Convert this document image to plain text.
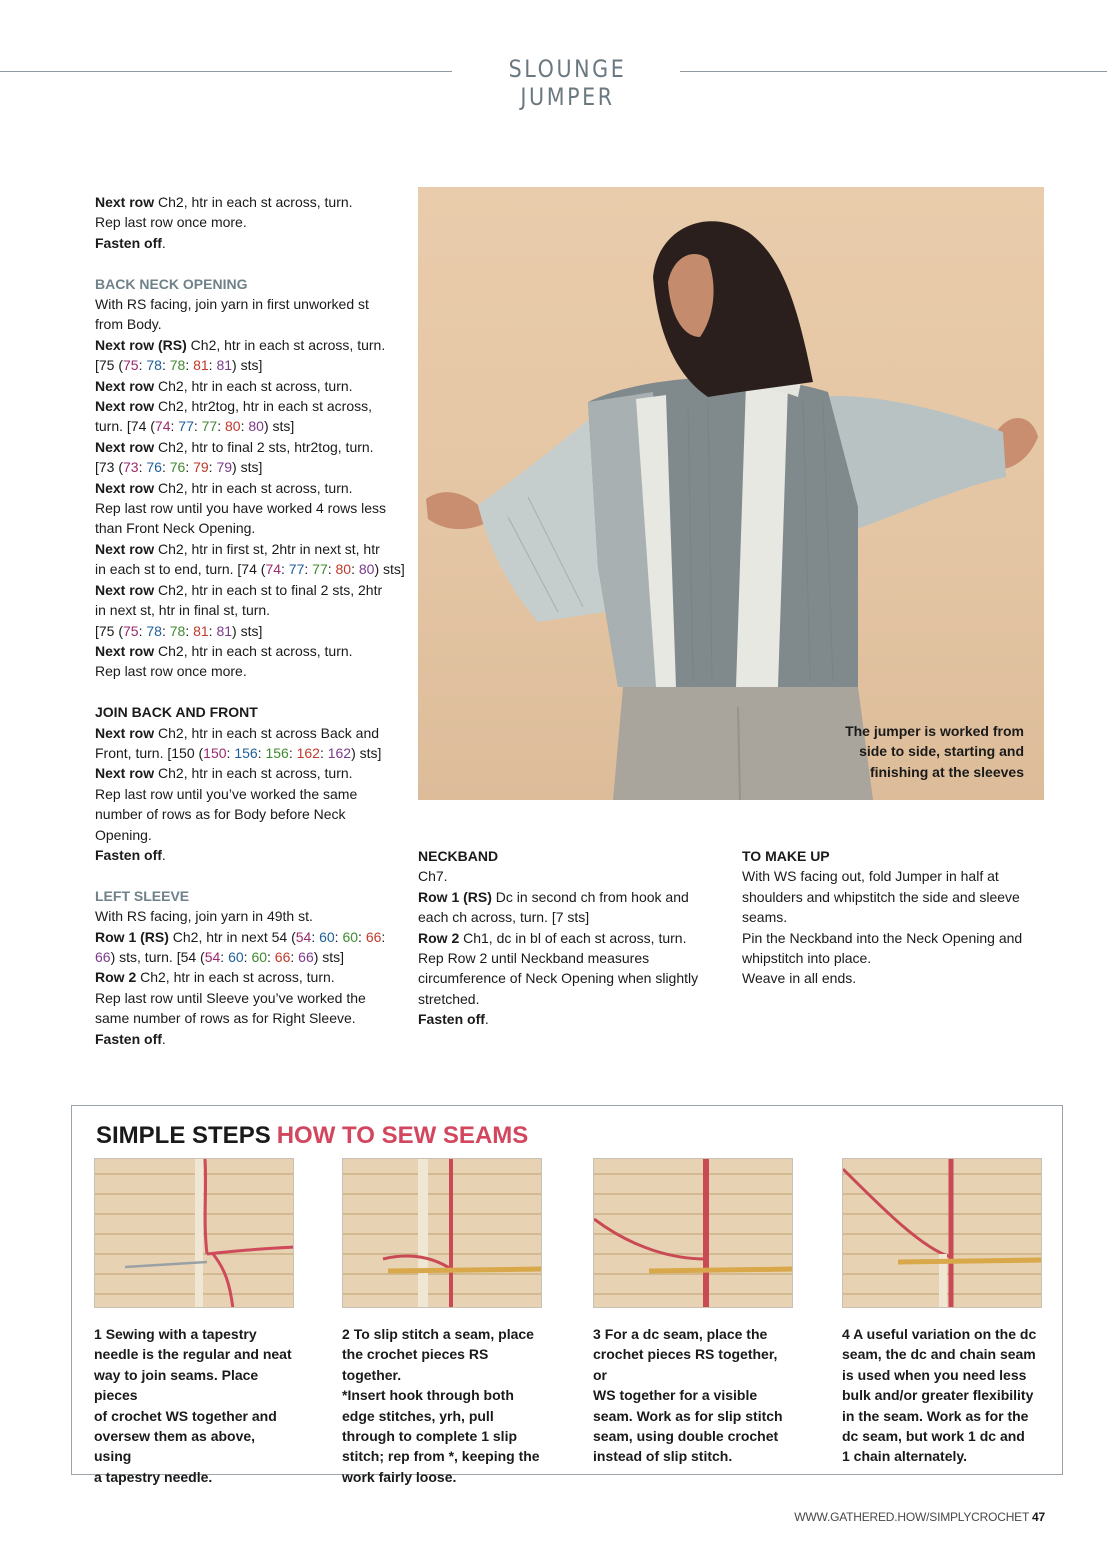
SLOUNGE JUMPER

Next row Ch2, htr in each st across, turn.

Rep last row once more.

Fasten off.

BACK NECK OPENING

With RS facing, join yarn in first unworked st

from Body.

Next row (RS) Ch2, htr in each st across, turn.

[75 (75: 78: 78: 81: 81) sts]

Next row Ch2, htr in each st across, turn.

Next row Ch2, htr2tog, htr in each st across,

turn. [74 (74: 77: 77: 80: 80) sts]

Next row Ch2, htr to final 2 sts, htr2tog, turn.

[73 (73: 76: 76: 79: 79) sts]

Next row Ch2, htr in each st across, turn.

Rep last row until you have worked 4 rows less

than Front Neck Opening.

Next row Ch2, htr in first st, 2htr in next st, htr

in each st to end, turn. [74 (74: 77: 77: 80: 80) sts]

Next row Ch2, htr in each st to final 2 sts, 2htr

in next st, htr in final st, turn.

[75 (75: 78: 78: 81: 81) sts]

Next row Ch2, htr in each st across, turn.

Rep last row once more.

JOIN BACK AND FRONT

Next row Ch2, htr in each st across Back and

Front, turn. [150 (150: 156: 156: 162: 162) sts]

Next row Ch2, htr in each st across, turn.

Rep last row until you’ve worked the same

number of rows as for Body before Neck

Opening.

Fasten off.

LEFT SLEEVE

With RS facing, join yarn in 49th st.

Row 1 (RS) Ch2, htr in next 54 (54: 60: 60: 66:

66) sts, turn. [54 (54: 60: 60: 66: 66) sts]

Row 2 Ch2, htr in each st across, turn.

Rep last row until Sleeve you’ve worked the

same number of rows as for Right Sleeve.

Fasten off.

The jumper is worked from
side to side, starting and
finishing at the sleeves

NECKBAND

Ch7.

Row 1 (RS) Dc in second ch from hook and

each ch across, turn. [7 sts]

Row 2 Ch1, dc in bl of each st across, turn.

Rep Row 2 until Neckband measures

circumference of Neck Opening when slightly

stretched.

Fasten off.

TO MAKE UP

With WS facing out, fold Jumper in half at

shoulders and whipstitch the side and sleeve

seams.

Pin the Neckband into the Neck Opening and

whipstitch into place.

Weave in all ends.

SIMPLE STEPS HOW TO SEW SEAMS
1 Sewing with a tapestry
needle is the regular and neat
way to join seams. Place pieces
of crochet WS together and
oversew them as above, using
a tapestry needle.
2 To slip stitch a seam, place
the crochet pieces RS together.
*Insert hook through both
edge stitches, yrh, pull
through to complete 1 slip
stitch; rep from *, keeping the
work fairly loose.
3 For a dc seam, place the
crochet pieces RS together, or
WS together for a visible
seam. Work as for slip stitch
seam, using double crochet
instead of slip stitch.
4 A useful variation on the dc
seam, the dc and chain seam
is used when you need less
bulk and/or greater flexibility
in the seam. Work as for the
dc seam, but work 1 dc and
1 chain alternately.
WWW.GATHERED.HOW/SIMPLYCROCHET 47
